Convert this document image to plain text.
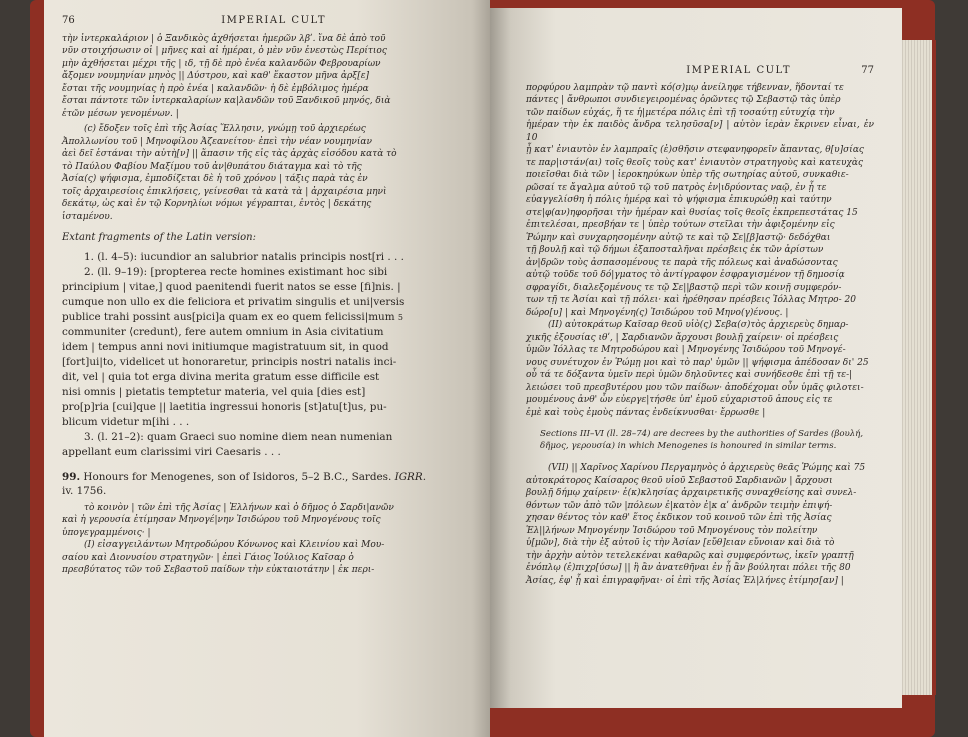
76	IMPERIAL CULT

τὴν ἰντερκαλάριον | ὁ Ξανδικὸς ἀχθήσεται ἡμερῶν λβʹ. ἵνα δὲ ἀπὸ τοῦ

νῦν στοιχήσωσιν οἱ | μῆνες καὶ αἱ ἡμέραι, ὁ μὲν νῦν ἐνεστὼς Περίτιος

μὴν ἀχθήσεται μέχρι τῆς | ιδ, τῇ δὲ πρὸ ἐνέα καλανδῶν Φεβρουαρίων

ἄξομεν νουμηνίαν μηνὸς || Δύστρου, καὶ καθ' ἕκαστον μῆνα ἀρξ[ε]

ἔσται τῆς νουμηνίας ἡ πρὸ ἐνέα | καλανδῶν· ἡ δὲ ἐμβόλιμος ἡμέρα

ἔσται πάντοτε τῶν ἰντερκαλαρίων κα|λανδῶν τοῦ Ξανδικοῦ μηνός, διὰ

ἐτῶν μέσων γενομένων. |

(c) ἔδοξεν τοῖς ἐπὶ τῆς Ἀσίας Ἕλλησιν, γνώμῃ τοῦ ἀρχιερέως

Ἀπολλωνίου τοῦ | Μηνοφίλου Ἀζεανείτου· ἐπεὶ τὴν νέαν νουμηνίαν

ἀεὶ δεῖ ἑστάναι τὴν αὐτὴ[ν] || ἅπασιν τῆς εἰς τὰς ἀρχὰς εἰσόδου κατὰ τὸ

τὸ Παύλου Φαβίου Μαξίμου τοῦ ἀν|θυπάτου διάταγμα καὶ τὸ τῆς

Ἀσία(ς) ψήφισμα, ἐμποδίζεται δὲ ἡ τοῦ χρόνου | τάξις παρὰ τὰς ἐν

τοῖς ἀρχαιρεσίοις ἐπικλήσεις, γείνεσθαι τὰ κατὰ τὰ | ἀρχαιρέσια μηνὶ

δεκάτῳ, ὡς καὶ ἐν τῷ Κορνηλίωι νόμωι γέγραπται, ἐντὸς | δεκάτης

ἱσταμένου.

Extant fragments of the Latin version:

1. (l. 4–5): iucundior an salubrior natalis principis nost[ri . . .

2. (ll. 9–19): [propterea recte homines existimant hoc sibi

principium | vitae,] quod paenitendi fuerit natos se esse [fi]nis. |

cumque non ullo ex die feliciora et privatim singulis et uni|versis

publice trahi possint aus[pici]a quam ex eo quem felicissi|mum 5

communiter ⟨credunt⟩, fere autem omnium in Asia civitatium

idem | tempus anni novi initiumque magistratuum sit, in quod

[fort]ui|to, videlicet ut honoraretur, principis nostri natalis inci-

dit, vel | quia tot erga divina merita gratum esse difficile est

nisi omnis | pietatis temptetur materia, vel quia [dies est]

pro[p]ria [cui]que || laetitia ingressui honoris [st]atu[t]us, pu-

blicum videtur m[ihi . . .

3. (l. 21–2): quam Graeci suo nomine diem nean numenian

appellant eum clarissimi viri Caesaris . . .

99. Honours for Menogenes, son of Isidoros, 5–2 B.C., Sardes. IGRR.

iv. 1756.

τὸ κοινὸν | τῶν ἐπὶ τῆς Ἀσίας | Ἑλλήνων καὶ ὁ δῆμος ὁ Σαρδι|ανῶν

καὶ ἡ γερουσία ἐτίμησαν Μηνογέ|νην Ἰσιδώρου τοῦ Μηνογένους τοῖς

ὑπογεγραμμένοις· |

(I) εἰσαγγειλάντων Μητροδώρου Κόνωνος καὶ Κλεινίου καὶ Μου-

σαίου καὶ Διονυσίου στρατηγῶν· | ἐπεὶ Γάιος Ἰούλιος Καῖσαρ ὁ

πρεσβύτατος τῶν τοῦ Σεβαστοῦ παίδων τὴν εὐκταιοτάτην | ἐκ περι-

IMPERIAL CULT	77

πορφύρου λαμπρὰν τῷ παντὶ κό(σ)μῳ ἀνείληφε τήβενναν, ἥδονταί τε

πάντες | ἄνθρωποι συνδιεγειρομένας ὁρῶντες τῷ Σεβαστῷ τὰς ὑπὲρ

τῶν παίδων εὐχάς, ἥ τε ἡ|μετέρα πόλις ἐπὶ τῇ τοσαύτῃ εὐτυχίᾳ τὴν

ἡμέραν τὴν ἐκ παιδὸς ἄνδρα τελησῦσα[ν] | αὐτὸν ἱερὰν ἔκρινεν εἶναι, ἐν 10

ᾗ κατ' ἐνιαυτὸν ἐν λαμπραῖς (ἐ)σθῆσιν στεφανηφορεῖν ἅπαντας, θ[υ]σίας

τε παρ|ιστάν(αι) τοῖς θεοῖς τοὺς κατ' ἐνιαυτὸν στρατηγοὺς καὶ κατευχὰς

ποιεῖσθαι διὰ τῶν | ἱεροκηρύκων ὑπὲρ τῆς σωτηρίας αὐτοῦ, συνκαθιε-

ρῶσαί τε ἄγαλμα αὐτοῦ τῷ τοῦ πατρὸς ἐν|ιδρύοντας ναῷ, ἐν ᾗ τε

εὐαγγελίσθη ἡ πόλις ἡμέρᾳ καὶ τὸ ψήφισμα ἐπικυρώθῃ καὶ ταύτην

στε|φ(αν)ηφορῆσαι τὴν ἡμέραν καὶ θυσίας τοῖς θεοῖς ἐκπρεπεστάτας 15

ἐπιτελέσαι, πρεσβήαν τε | ὑπὲρ τούτων στεῖλαι τὴν ἀφιξομένην εἰς

Ῥώμην καὶ συνχαρησομένην αὐτῷ τε καὶ τῷ Σε|[β]αστῷ· δεδόχθαι

τῇ βουλῇ καὶ τῷ δήμωι ἐξαποσταλῆναι πρέσβεις ἐκ τῶν ἀρίστων

ἀν|δρῶν τοὺς ἀσπασομένους τε παρὰ τῆς πόλεως καὶ ἀναδώσοντας

αὐτῷ τοῦδε τοῦ δό|γματος τὸ ἀντίγραφον ἐσφραγισμένον τῇ δημοσίᾳ

σφραγίδι, διαλεξομένους τε τῷ Σε||βαστῷ περὶ τῶν κοινῇ συμφερόν-

των τῇ τε Ἀσίαι καὶ τῇ πόλει· καὶ ἡρέθησαν πρέσβεις Ἰόλλας Μητρο- 20

δώρο[υ] | καὶ Μηνογένη(ς) Ἰσιδώρου τοῦ Μηνο(γ)ένους. |

(II) αὐτοκράτωρ Καῖσαρ θεοῦ υἱὸ(ς) Σεβα(σ)τὸς ἀρχιερεὺς δημαρ-

χικῆς ἐξουσίας ιθʹ, | Σαρδιανῶν ἄρχουσι βουλῇ χαίρειν· οἱ πρέσβεις

ὑμῶν Ἰόλλας τε Μητροδώρου καὶ | Μηνογένης Ἰσιδώρου τοῦ Μηνογέ-

νους συνέτυχον ἐν Ῥώμῃ μοι καὶ τὸ παρ' ὑμῶν || ψήφισμα ἀπέδοσαν δι' 25

οὗ τά τε δόξαντα ὑμεῖν περὶ ὑμῶν δηλοῦντες καὶ συνήδεσθε ἐπὶ τῇ τε-|

λειώσει τοῦ πρεσβυτέρου μου τῶν παίδων· ἀποδέχομαι οὖν ὑμᾶς φιλοτει-

μουμένους ἀνθ' ὧν εὐεργε|τήσθε ὑπ' ἐμοῦ εὐχαριστοῦ ἀπους εἰς τε

ἐμὲ καὶ τοὺς ἐμοὺς πάντας ἐνδείκνυσθαι· ἔρρωσθε |

Sections III–VI (ll. 28–74) are decrees by the authorities of Sardes (βουλή, δῆμος, γερουσία) in which Menogenes is honoured in similar terms.

(VII) || Χαρῖνος Χαρίνου Περγαμηνὸς ὁ ἀρχιερεὺς θεᾶς Ῥώμης καὶ 75

αὐτοκράτορος Καίσαρος θεοῦ υἱοῦ Σεβαστοῦ Σαρδιανῶν | ἄρχουσι

βουλῇ δήμῳ χαίρειν· ἐ(κ)κλησίας ἀρχαιρετικῆς συναχθείσης καὶ συνελ-

θόντων τῶν ἀπὸ τῶν |πόλεων ἐ|κατὸν ἑ|κ αʹ ἀνδρῶν τειμὴν ἐπιψή-

χησαν θέντος τὸν καθ' ἕτος ἐκδικον τοῦ κοινοῦ τῶν ἐπὶ τῆς Ἀσίας

Ἑλ||λήνων Μηνογένην Ἰσιδώρου τοῦ Μηνογένους τὸν πολείτην

ὑ[μῶν], διὰ τὴν ἐξ αὐτοῦ ἰς τὴν Ἀσίαν [εὔθ]ειαν εὔνοιαν καὶ διὰ τὸ

τὴν ἀρχὴν αὐτὸν τετελεκέναι καθαρῶς καὶ συμφερόντως, ἰκεῖν γραπτῇ

ἐνόπλῳ (ἐ)πιχρ[ύσω] || ἢ ἂν ἀνατεθῆναι ἐν ᾗ ἂν βούληται πόλει τῆς 80

Ἀσίας, ἐφ' ᾗ καὶ ἐπιγραφῆναι· οἱ ἐπὶ τῆς Ἀσίας Ἑλ|λήνες ἐτίμησ[αν] |
